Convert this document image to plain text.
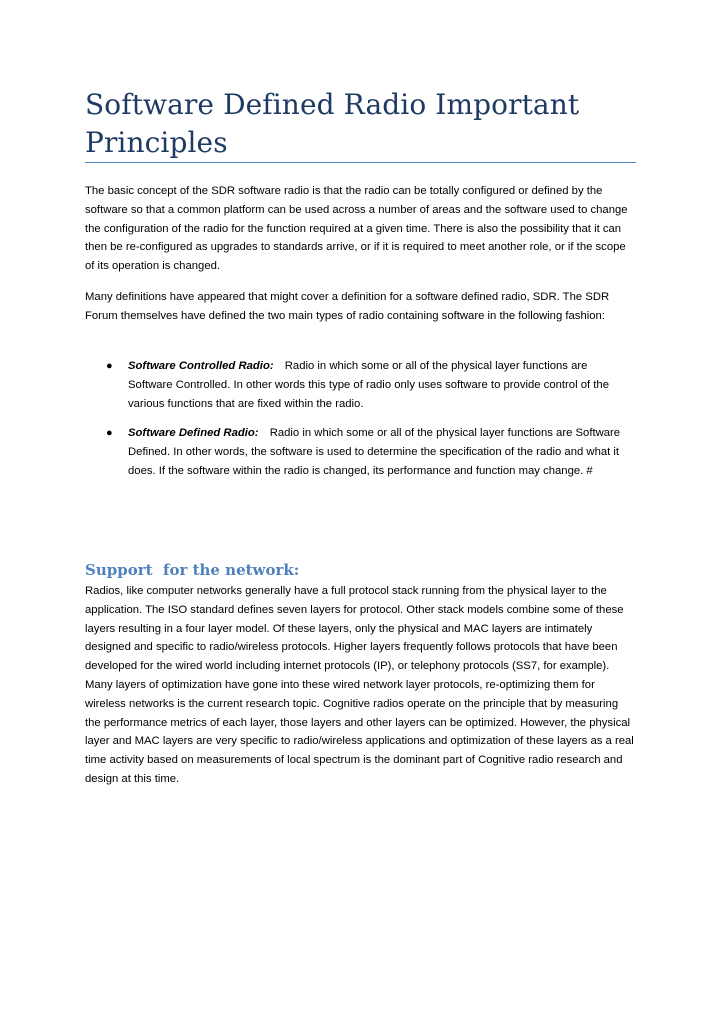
Software Defined Radio Important Principles

The basic concept of the SDR software radio is that the radio can be totally configured or defined by the software so that a common platform can be used across a number of areas and the software used to change the configuration of the radio for the function required at a given time. There is also the possibility that it can then be re-configured as upgrades to standards arrive, or if it is required to meet another role, or if the scope of its operation is changed.

Many definitions have appeared that might cover a definition for a software defined radio, SDR. The SDR Forum themselves have defined the two main types of radio containing software in the following fashion:

● Software Controlled Radio: Radio in which some or all of the physical layer functions are Software Controlled. In other words this type of radio only uses software to provide control of the various functions that are fixed within the radio.
● Software Defined Radio: Radio in which some or all of the physical layer functions are Software Defined. In other words, the software is used to determine the specification of the radio and what it does. If the software within the radio is changed, its performance and function may change. #
Support  for the network:

Radios, like computer networks generally have a full protocol stack running from the physical layer to the application. The ISO standard defines seven layers for protocol. Other stack models combine some of these layers resulting in a four layer model. Of these layers, only the physical and MAC layers are intimately designed and specific to radio/wireless protocols. Higher layers frequently follows protocols that have been developed for the wired world including internet protocols (IP), or telephony protocols (SS7, for example). Many layers of optimization have gone into these wired network layer protocols, re-optimizing them for wireless networks is the current research topic. Cognitive radios operate on the principle that by measuring the performance metrics of each layer, those layers and other layers can be optimized. However, the physical layer and MAC layers are very specific to radio/wireless applications and optimization of these layers as a real time activity based on measurements of local spectrum is the dominant part of Cognitive radio research and design at this time.
